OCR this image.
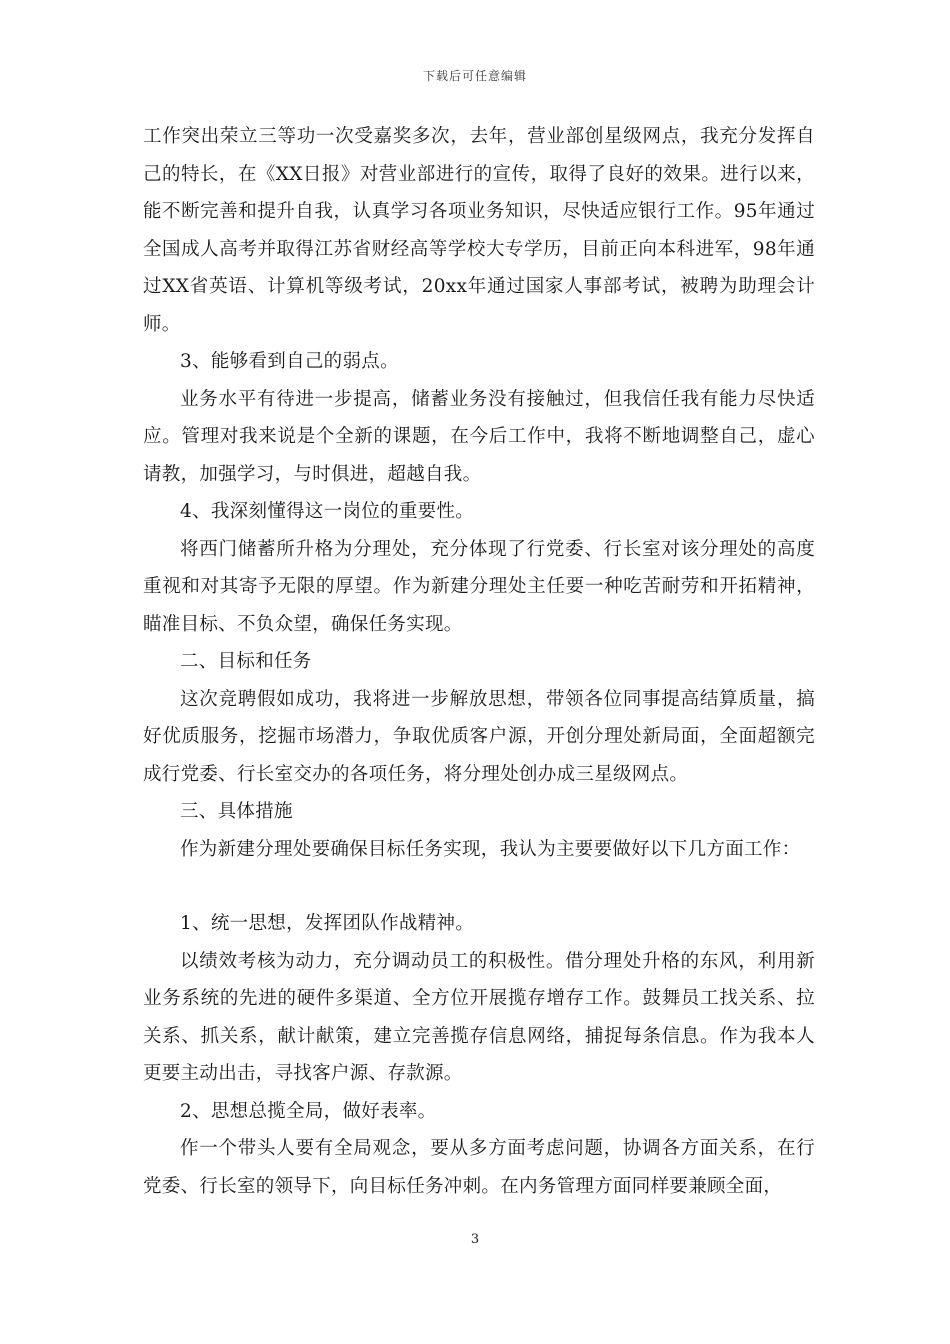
下载后可任意编辑

工作突出荣立三等功一次受嘉奖多次，去年，营业部创星级网点，我充分发挥自己的特长，在《XX日报》对营业部进行的宣传，取得了良好的效果。进行以来，能不断完善和提升自我，认真学习各项业务知识，尽快适应银行工作。95年通过全国成人高考并取得江苏省财经高等学校大专学历，目前正向本科进军，98年通过XX省英语、计算机等级考试，20xx年通过国家人事部考试，被聘为助理会计师。

3、能够看到自己的弱点。

业务水平有待进一步提高，储蓄业务没有接触过，但我信任我有能力尽快适应。管理对我来说是个全新的课题，在今后工作中，我将不断地调整自己，虚心请教，加强学习，与时俱进，超越自我。

4、我深刻懂得这一岗位的重要性。

将西门储蓄所升格为分理处，充分体现了行党委、行长室对该分理处的高度重视和对其寄予无限的厚望。作为新建分理处主任要一种吃苦耐劳和开拓精神，瞄准目标、不负众望，确保任务实现。

二、目标和任务

这次竞聘假如成功，我将进一步解放思想，带领各位同事提高结算质量，搞好优质服务，挖掘市场潜力，争取优质客户源，开创分理处新局面，全面超额完成行党委、行长室交办的各项任务，将分理处创办成三星级网点。

三、具体措施

作为新建分理处要确保目标任务实现，我认为主要要做好以下几方面工作：

1、统一思想，发挥团队作战精神。

以绩效考核为动力，充分调动员工的积极性。借分理处升格的东风，利用新业务系统的先进的硬件多渠道、全方位开展揽存增存工作。鼓舞员工找关系、拉关系、抓关系，献计献策，建立完善揽存信息网络，捕捉每条信息。作为我本人更要主动出击，寻找客户源、存款源。

2、思想总揽全局，做好表率。

作一个带头人要有全局观念，要从多方面考虑问题，协调各方面关系，在行党委、行长室的领导下，向目标任务冲刺。在内务管理方面同样要兼顾全面，

3
